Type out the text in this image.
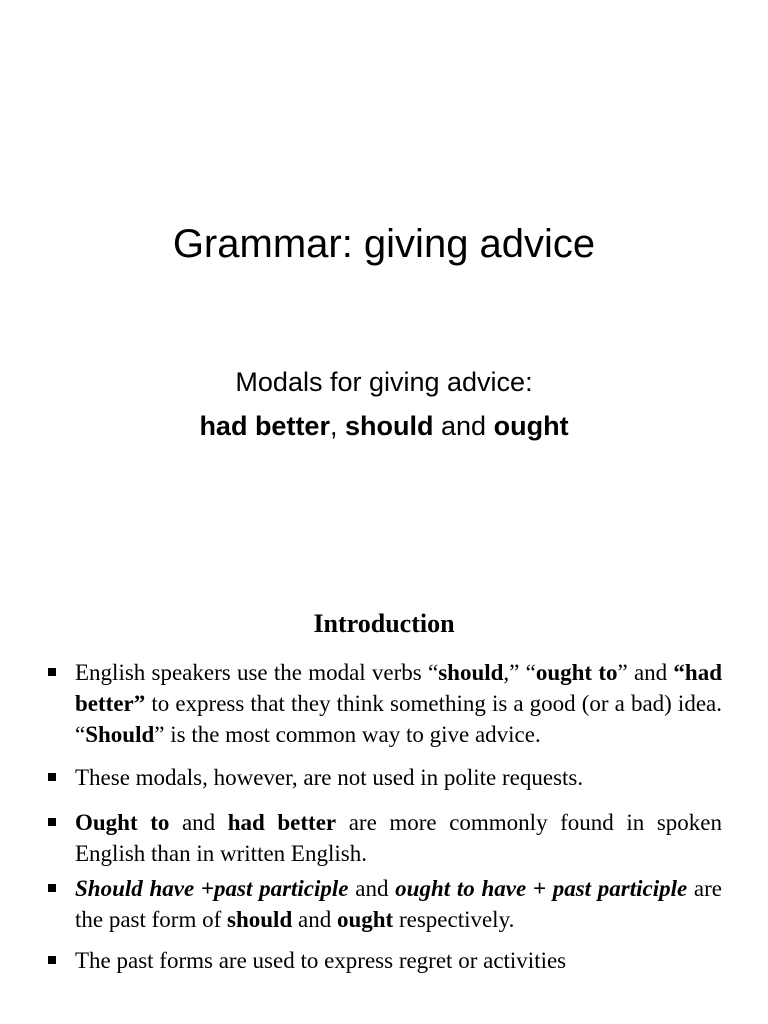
Grammar: giving advice
Modals for giving advice:
had better, should and ought
Introduction
English speakers use the modal verbs “should,” “ought to” and “had better” to express that they think something is a good (or a bad) idea. “Should” is the most common way to give advice.
These modals, however, are not used in polite requests.
Ought to and had better are more commonly found in spoken English than in written English.
Should have +past participle and ought to have + past participle are the past form of should and ought respectively.
The past forms are used to express regret or activities
